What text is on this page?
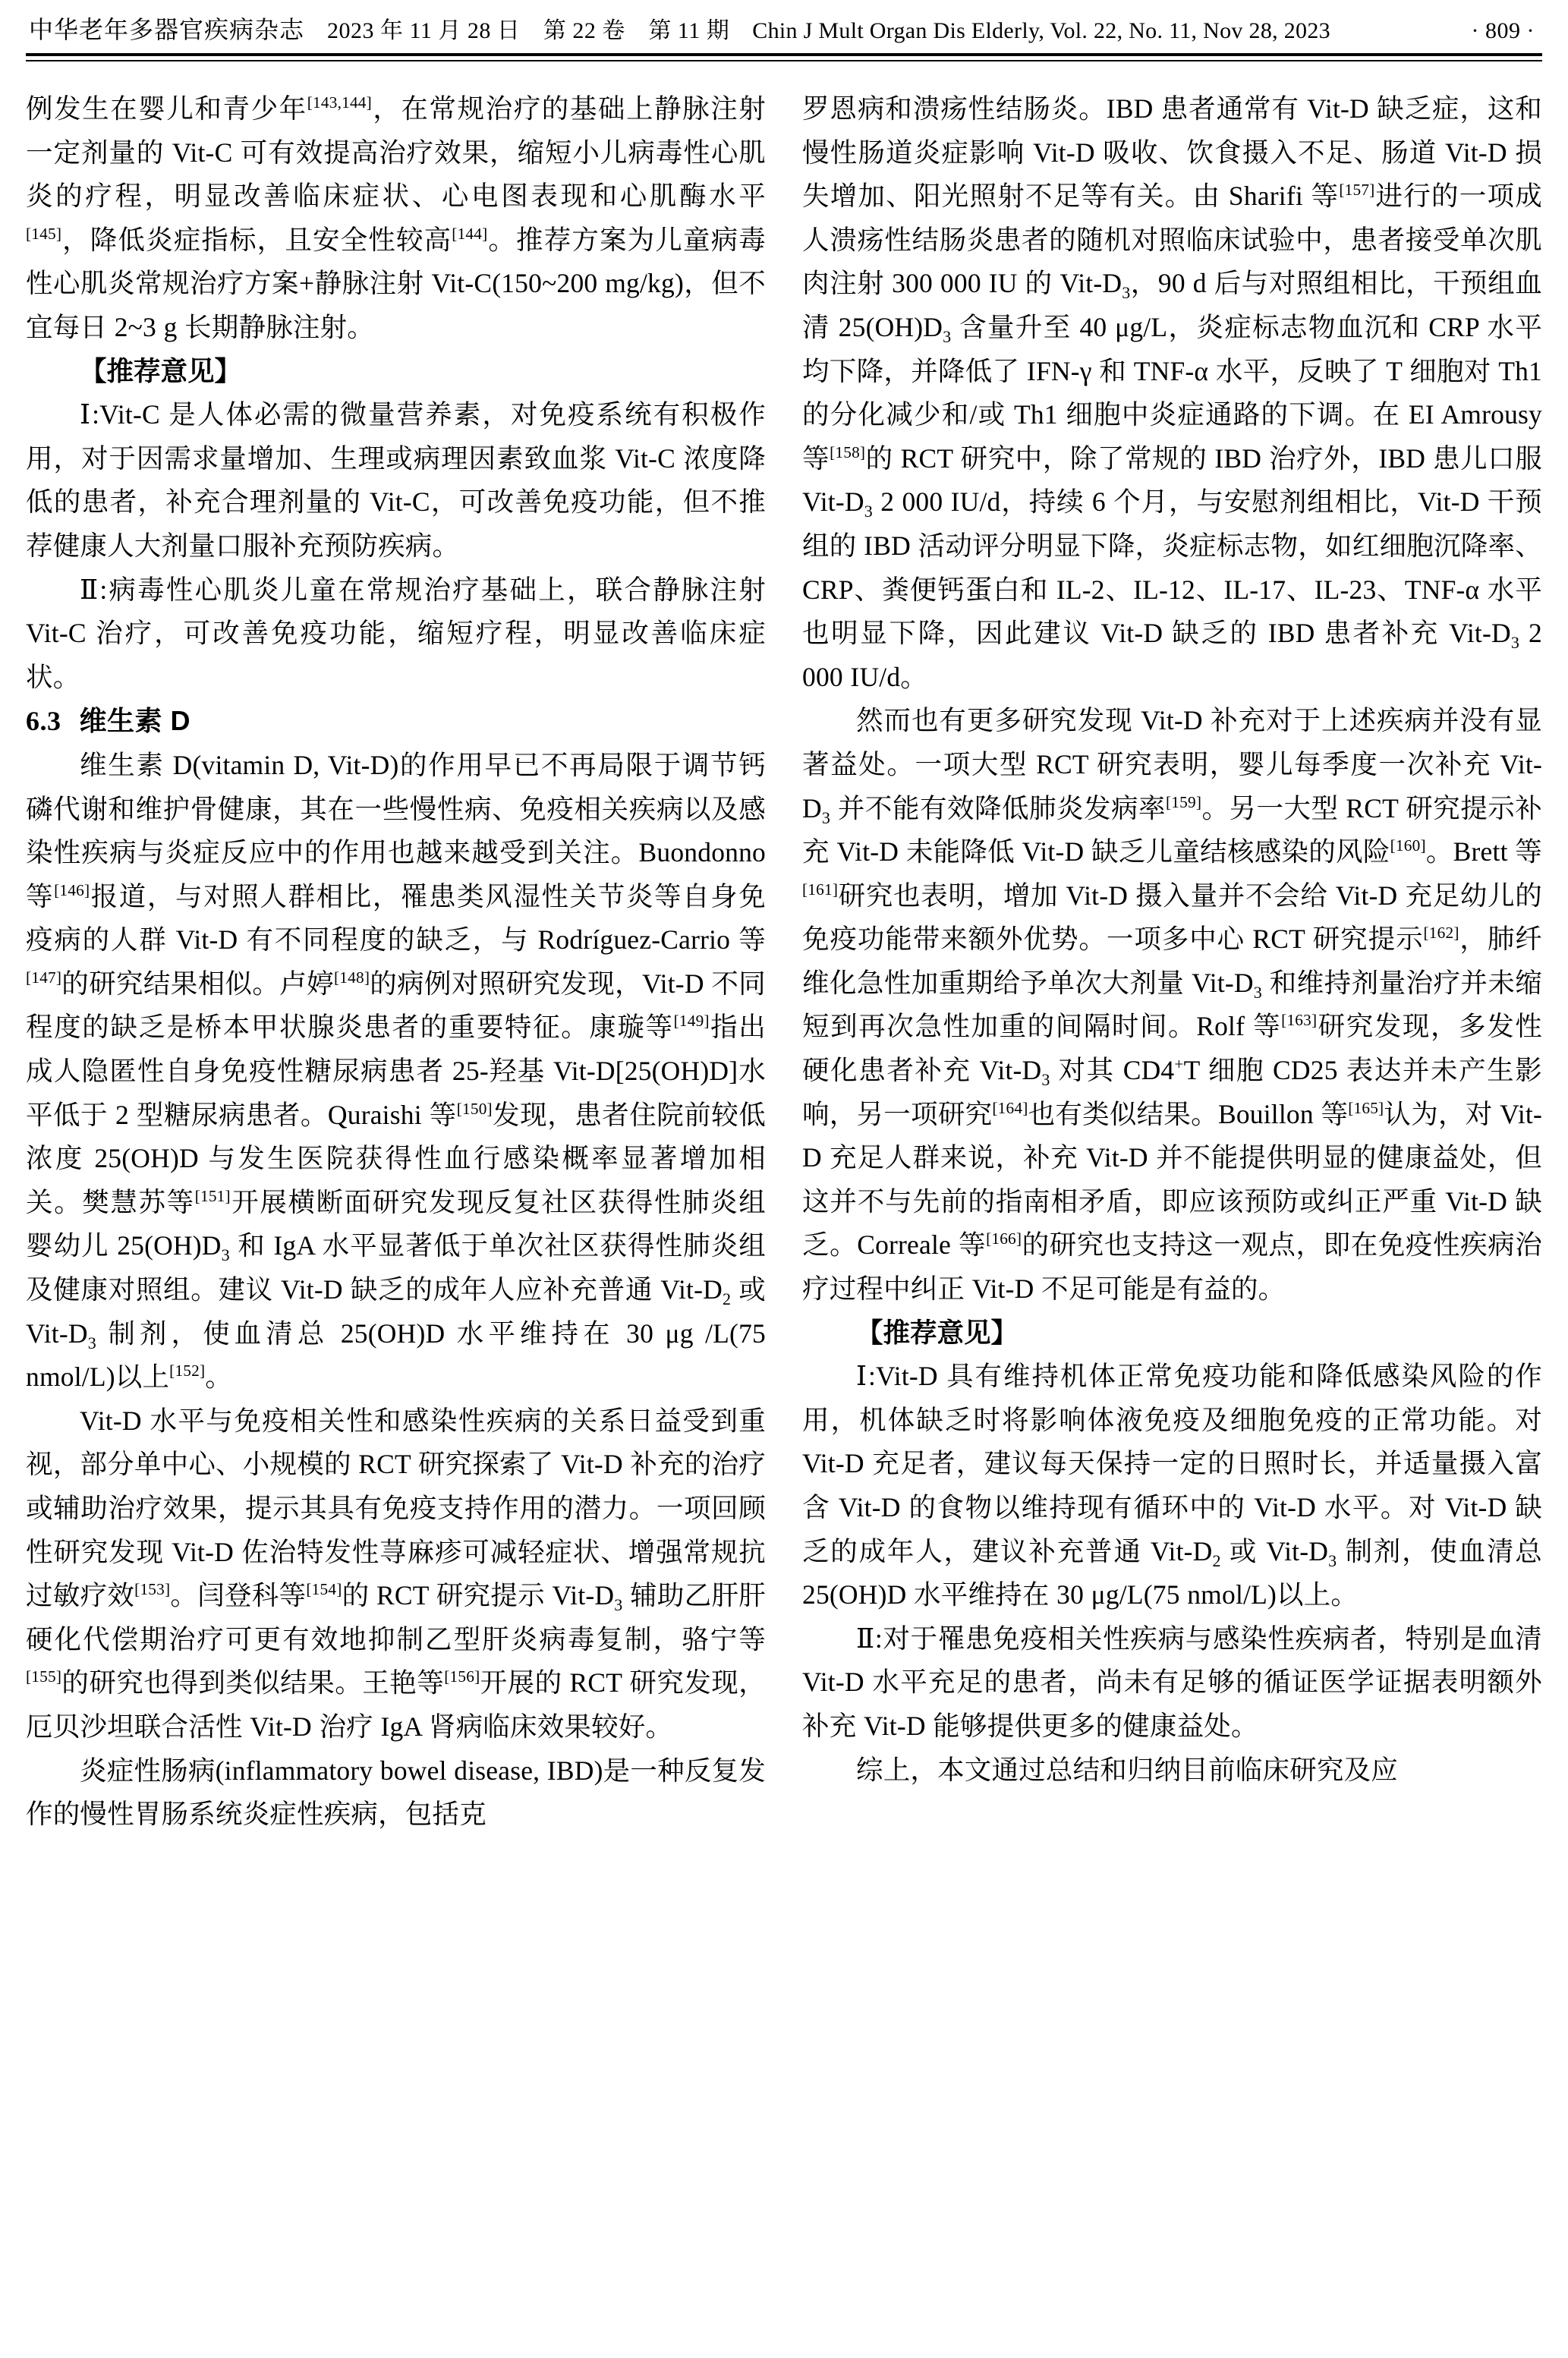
中华老年多器官疾病杂志 2023 年 11 月 28 日　第 22 卷　第 11 期 Chin J Mult Organ Dis Elderly, Vol. 22, No. 11, Nov 28, 2023	· 809 ·

例发生在婴儿和青少年[143,144]，在常规治疗的基础上静脉注射一定剂量的 Vit-C 可有效提高治疗效果，缩短小儿病毒性心肌炎的疗程，明显改善临床症状、心电图表现和心肌酶水平[145]，降低炎症指标，且安全性较高[144]。推荐方案为儿童病毒性心肌炎常规治疗方案+静脉注射 Vit-C(150~200 mg/kg)，但不宜每日 2~3 g 长期静脉注射。

【推荐意见】

Ⅰ:Vit-C 是人体必需的微量营养素，对免疫系统有积极作用，对于因需求量增加、生理或病理因素致血浆 Vit-C 浓度降低的患者，补充合理剂量的 Vit-C，可改善免疫功能，但不推荐健康人大剂量口服补充预防疾病。

Ⅱ:病毒性心肌炎儿童在常规治疗基础上，联合静脉注射 Vit-C 治疗，可改善免疫功能，缩短疗程，明显改善临床症状。

6.3 维生素 D

维生素 D(vitamin D, Vit-D)的作用早已不再局限于调节钙磷代谢和维护骨健康，其在一些慢性病、免疫相关疾病以及感染性疾病与炎症反应中的作用也越来越受到关注。Buondonno 等[146]报道，与对照人群相比，罹患类风湿性关节炎等自身免疫病的人群 Vit-D 有不同程度的缺乏，与 Rodríguez-Carrio 等[147]的研究结果相似。卢婷[148]的病例对照研究发现，Vit-D 不同程度的缺乏是桥本甲状腺炎患者的重要特征。康璇等[149]指出成人隐匿性自身免疫性糖尿病患者 25-羟基 Vit-D[25(OH)D]水平低于 2 型糖尿病患者。Quraishi 等[150]发现，患者住院前较低浓度 25(OH)D 与发生医院获得性血行感染概率显著增加相关。樊慧苏等[151]开展横断面研究发现反复社区获得性肺炎组婴幼儿 $25(OH)D_3$ 和 IgA 水平显著低于单次社区获得性肺炎组及健康对照组。建议 Vit-D 缺乏的成年人应补充普通 Vit-$D_2$ 或 Vit-$D_3$ 制剂，使血清总 25(OH)D 水平维持在 30 μg /L(75 nmol/L)以上[152]。

Vit-D 水平与免疫相关性和感染性疾病的关系日益受到重视，部分单中心、小规模的 RCT 研究探索了 Vit-D 补充的治疗或辅助治疗效果，提示其具有免疫支持作用的潜力。一项回顾性研究发现 Vit-D 佐治特发性荨麻疹可减轻症状、增强常规抗过敏疗效[153]。闫登科等[154]的 RCT 研究提示 Vit-$D_3$ 辅助乙肝肝硬化代偿期治疗可更有效地抑制乙型肝炎病毒复制，骆宁等[155]的研究也得到类似结果。王艳等[156]开展的 RCT 研究发现，厄贝沙坦联合活性 Vit-D 治疗 IgA 肾病临床效果较好。

炎症性肠病(inflammatory bowel disease, IBD)是一种反复发作的慢性胃肠系统炎症性疾病，包括克

罗恩病和溃疡性结肠炎。IBD 患者通常有 Vit-D 缺乏症，这和慢性肠道炎症影响 Vit-D 吸收、饮食摄入不足、肠道 Vit-D 损失增加、阳光照射不足等有关。由 Sharifi 等[157]进行的一项成人溃疡性结肠炎患者的随机对照临床试验中，患者接受单次肌肉注射 300 000 IU 的 Vit-$D_3$，90 d 后与对照组相比，干预组血清 $25(OH)D_3$ 含量升至 40 μg/L，炎症标志物血沉和 CRP 水平均下降，并降低了 IFN-γ 和 TNF-α 水平，反映了 T 细胞对 Th1 的分化减少和/或 Th1 细胞中炎症通路的下调。在 EI Amrousy 等[158]的 RCT 研究中，除了常规的 IBD 治疗外，IBD 患儿口服 Vit-$D_3$ 2 000 IU/d，持续 6 个月，与安慰剂组相比，Vit-D 干预组的 IBD 活动评分明显下降，炎症标志物，如红细胞沉降率、CRP、粪便钙蛋白和 IL-2、IL-12、IL-17、IL-23、TNF-α 水平也明显下降，因此建议 Vit-D 缺乏的 IBD 患者补充 Vit-$D_3$ 2 000 IU/d。

然而也有更多研究发现 Vit-D 补充对于上述疾病并没有显著益处。一项大型 RCT 研究表明，婴儿每季度一次补充 Vit-$D_3$ 并不能有效降低肺炎发病率[159]。另一大型 RCT 研究提示补充 Vit-D 未能降低 Vit-D 缺乏儿童结核感染的风险[160]。Brett 等[161]研究也表明，增加 Vit-D 摄入量并不会给 Vit-D 充足幼儿的免疫功能带来额外优势。一项多中心 RCT 研究提示[162]，肺纤维化急性加重期给予单次大剂量 Vit-$D_3$ 和维持剂量治疗并未缩短到再次急性加重的间隔时间。Rolf 等[163]研究发现，多发性硬化患者补充 Vit-$D_3$ 对其 CD4+T 细胞 CD25 表达并未产生影响，另一项研究[164]也有类似结果。Bouillon 等[165]认为，对 Vit-D 充足人群来说，补充 Vit-D 并不能提供明显的健康益处，但这并不与先前的指南相矛盾，即应该预防或纠正严重 Vit-D 缺乏。Correale 等[166]的研究也支持这一观点，即在免疫性疾病治疗过程中纠正 Vit-D 不足可能是有益的。

【推荐意见】

Ⅰ:Vit-D 具有维持机体正常免疫功能和降低感染风险的作用，机体缺乏时将影响体液免疫及细胞免疫的正常功能。对 Vit-D 充足者，建议每天保持一定的日照时长，并适量摄入富含 Vit-D 的食物以维持现有循环中的 Vit-D 水平。对 Vit-D 缺乏的成年人，建议补充普通 Vit-$D_2$ 或 Vit-$D_3$ 制剂，使血清总 25(OH)D 水平维持在 30 μg/L(75 nmol/L)以上。

Ⅱ:对于罹患免疫相关性疾病与感染性疾病者，特别是血清 Vit-D 水平充足的患者，尚未有足够的循证医学证据表明额外补充 Vit-D 能够提供更多的健康益处。

综上，本文通过总结和归纳目前临床研究及应
